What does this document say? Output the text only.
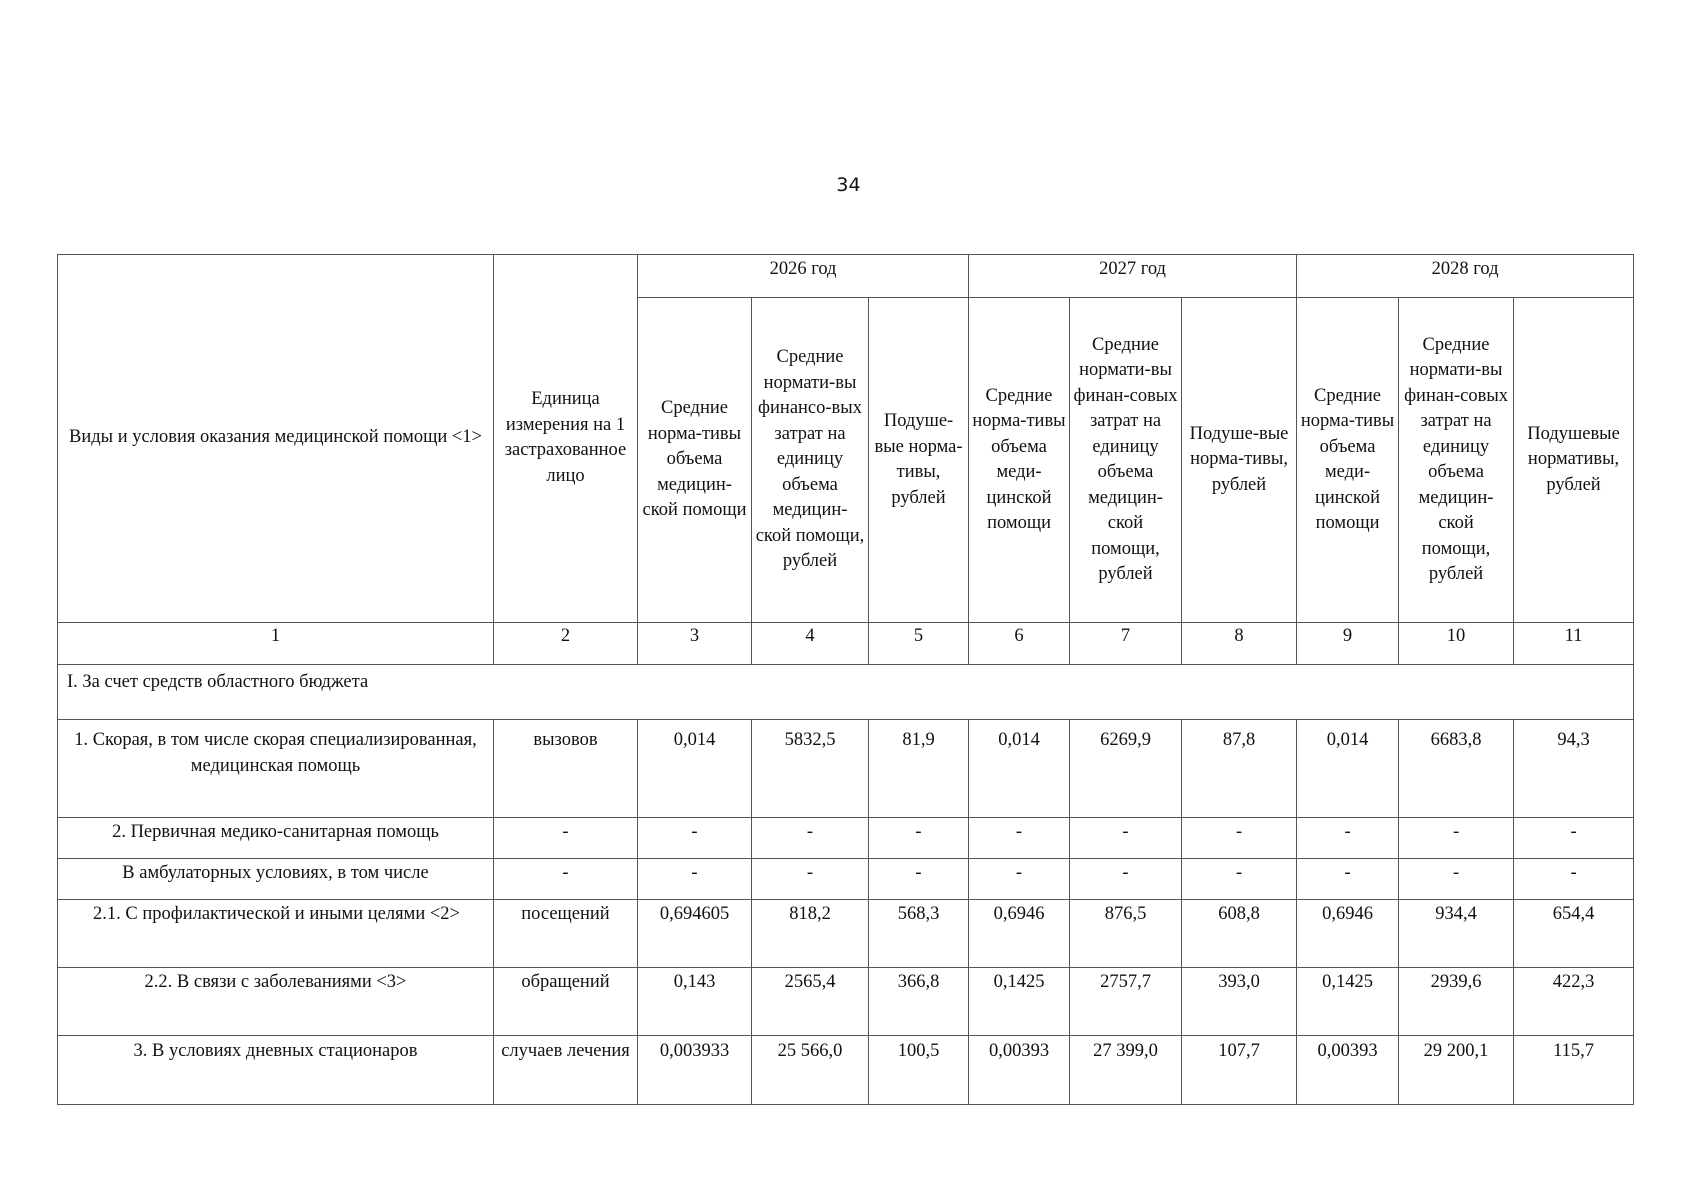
34
Виды и условия оказания медицинской помощи <1>	Единица измерения на 1 застрахованное лицо	2026 год			2027 год			2028 год		
		Средние норма-тивы объема медицин-ской помощи	Средние нормати-вы финансо-вых затрат на единицу объема медицин-ской помощи, рублей	Подуше-вые норма-тивы, рублей	Средние норма-тивы объема меди-цинской помощи	Средние нормати-вы финан-совых затрат на единицу объема медицин-ской помощи, рублей	Подуше-вые норма-тивы, рублей	Средние норма-тивы объема меди-цинской помощи	Средние нормати-вы финан-совых затрат на единицу объема медицин-ской помощи, рублей	Подушевые нормативы, рублей
1	2	3	4	5	6	7	8	9	10	11
I. За счет средств областного бюджета										
1. Скорая, в том числе скорая специализированная, медицинская помощь	вызовов	0,014	5832,5	81,9	0,014	6269,9	87,8	0,014	6683,8	94,3
2. Первичная медико-санитарная помощь	-	-	-	-	-	-	-	-	-	-
В амбулаторных условиях, в том числе	-	-	-	-	-	-	-	-	-	-
2.1. С профилактической и иными целями <2>	посещений	0,694605	818,2	568,3	0,6946	876,5	608,8	0,6946	934,4	654,4
2.2. В связи с заболеваниями <3>	обращений	0,143	2565,4	366,8	0,1425	2757,7	393,0	0,1425	2939,6	422,3
3. В условиях дневных стационаров	случаев лечения	0,003933	25 566,0	100,5	0,00393	27 399,0	107,7	0,00393	29 200,1	115,7
